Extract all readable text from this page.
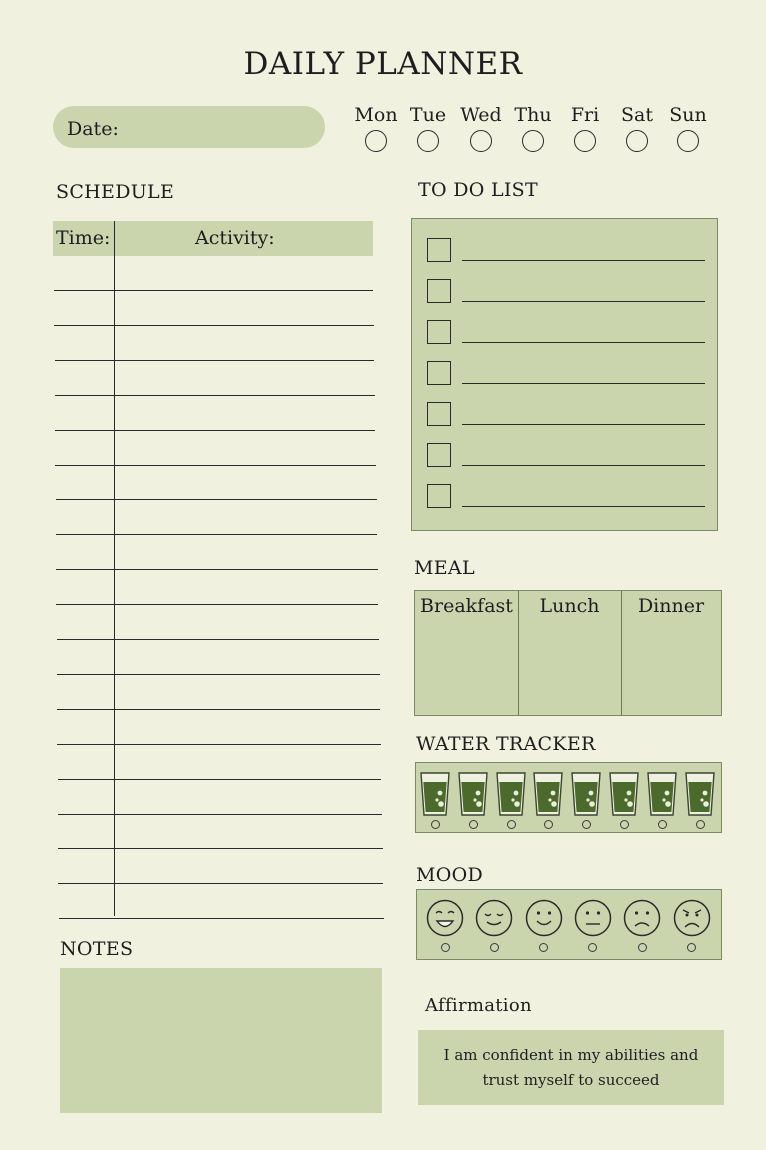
DAILY PLANNER
Date:
Mon Tue Wed Thu	Fri	Sat Sun
SCHEDULE
Time:	Activity:
TO DO LIST
MEAL
Breakfast	Lunch	Dinner
WATER TRACKER
MOOD
NOTES
Affirmation
I am confident in my abilities and
trust myself to succeed
